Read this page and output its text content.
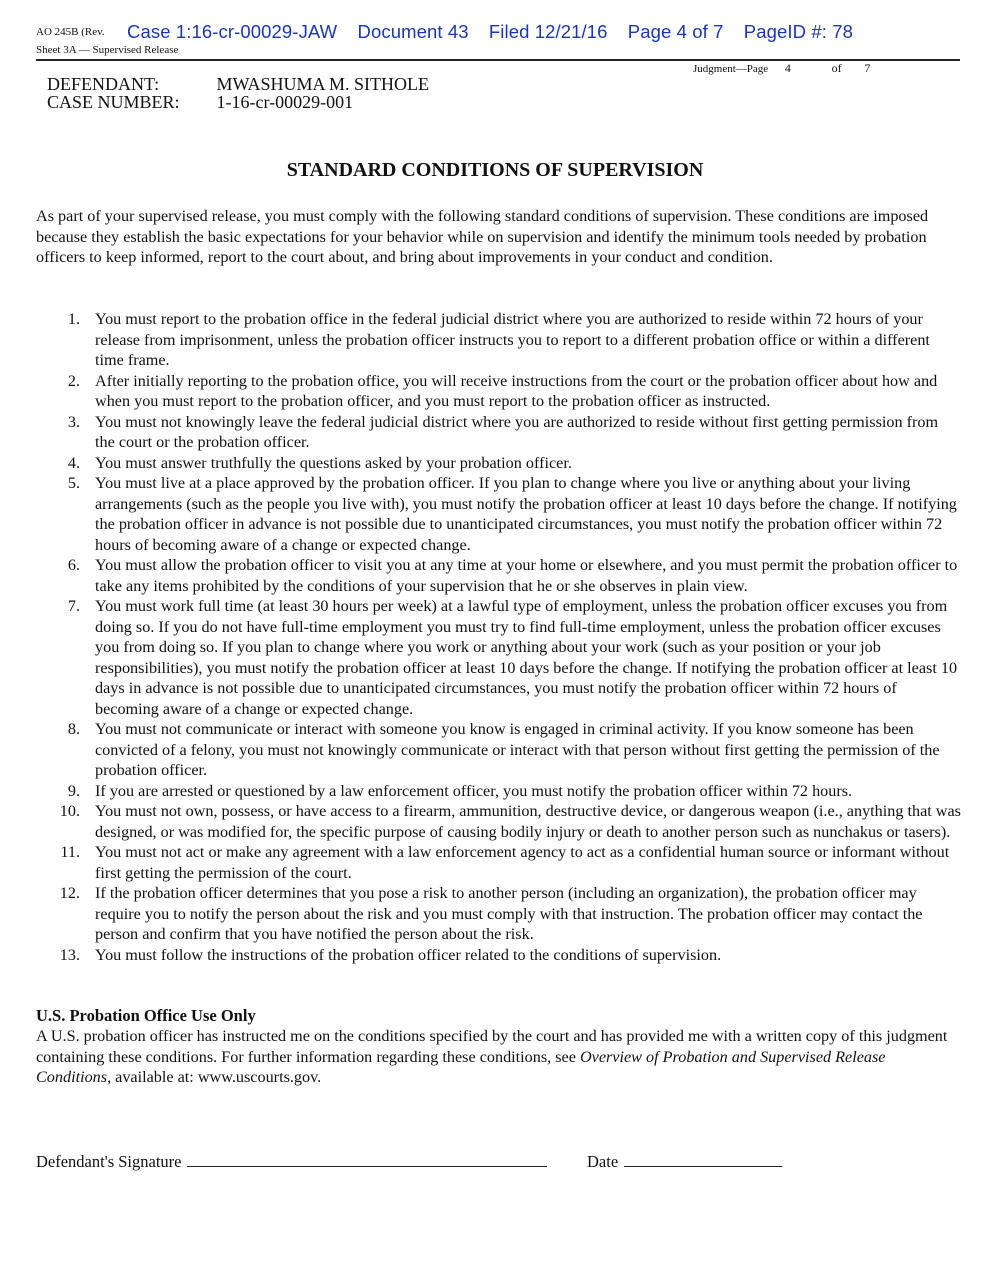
AO 245B (Rev.
Sheet 3A — Supervised Release
Case 1:16-cr-00029-JAW Document 43 Filed 12/21/16 Page 4 of 7 PageID #: 78
Judgment—Page 4	of 7
DEFENDANT:	MWASHUMA M. SITHOLE
CASE NUMBER: 1-16-cr-00029-001
STANDARD CONDITIONS OF SUPERVISION
As part of your supervised release, you must comply with the following standard conditions of supervision. These conditions are imposed because they establish the basic expectations for your behavior while on supervision and identify the minimum tools needed by probation officers to keep informed, report to the court about, and bring about improvements in your conduct and condition.
1. You must report to the probation office in the federal judicial district where you are authorized to reside within 72 hours of your release from imprisonment, unless the probation officer instructs you to report to a different probation office or within a different time frame.
2. After initially reporting to the probation office, you will receive instructions from the court or the probation officer about how and when you must report to the probation officer, and you must report to the probation officer as instructed.
3. You must not knowingly leave the federal judicial district where you are authorized to reside without first getting permission from the court or the probation officer.
4. You must answer truthfully the questions asked by your probation officer.
5. You must live at a place approved by the probation officer. If you plan to change where you live or anything about your living arrangements (such as the people you live with), you must notify the probation officer at least 10 days before the change. If notifying the probation officer in advance is not possible due to unanticipated circumstances, you must notify the probation officer within 72 hours of becoming aware of a change or expected change.
6. You must allow the probation officer to visit you at any time at your home or elsewhere, and you must permit the probation officer to take any items prohibited by the conditions of your supervision that he or she observes in plain view.
7. You must work full time (at least 30 hours per week) at a lawful type of employment, unless the probation officer excuses you from doing so. If you do not have full-time employment you must try to find full-time employment, unless the probation officer excuses you from doing so. If you plan to change where you work or anything about your work (such as your position or your job responsibilities), you must notify the probation officer at least 10 days before the change. If notifying the probation officer at least 10 days in advance is not possible due to unanticipated circumstances, you must notify the probation officer within 72 hours of becoming aware of a change or expected change.
8. You must not communicate or interact with someone you know is engaged in criminal activity. If you know someone has been convicted of a felony, you must not knowingly communicate or interact with that person without first getting the permission of the probation officer.
9. If you are arrested or questioned by a law enforcement officer, you must notify the probation officer within 72 hours.
10. You must not own, possess, or have access to a firearm, ammunition, destructive device, or dangerous weapon (i.e., anything that was designed, or was modified for, the specific purpose of causing bodily injury or death to another person such as nunchakus or tasers).
11. You must not act or make any agreement with a law enforcement agency to act as a confidential human source or informant without first getting the permission of the court.
12. If the probation officer determines that you pose a risk to another person (including an organization), the probation officer may require you to notify the person about the risk and you must comply with that instruction. The probation officer may contact the person and confirm that you have notified the person about the risk.
13. You must follow the instructions of the probation officer related to the conditions of supervision.
U.S. Probation Office Use Only
A U.S. probation officer has instructed me on the conditions specified by the court and has provided me with a written copy of this judgment containing these conditions. For further information regarding these conditions, see Overview of Probation and Supervised Release Conditions, available at: www.uscourts.gov.
Defendant's Signature	Date
